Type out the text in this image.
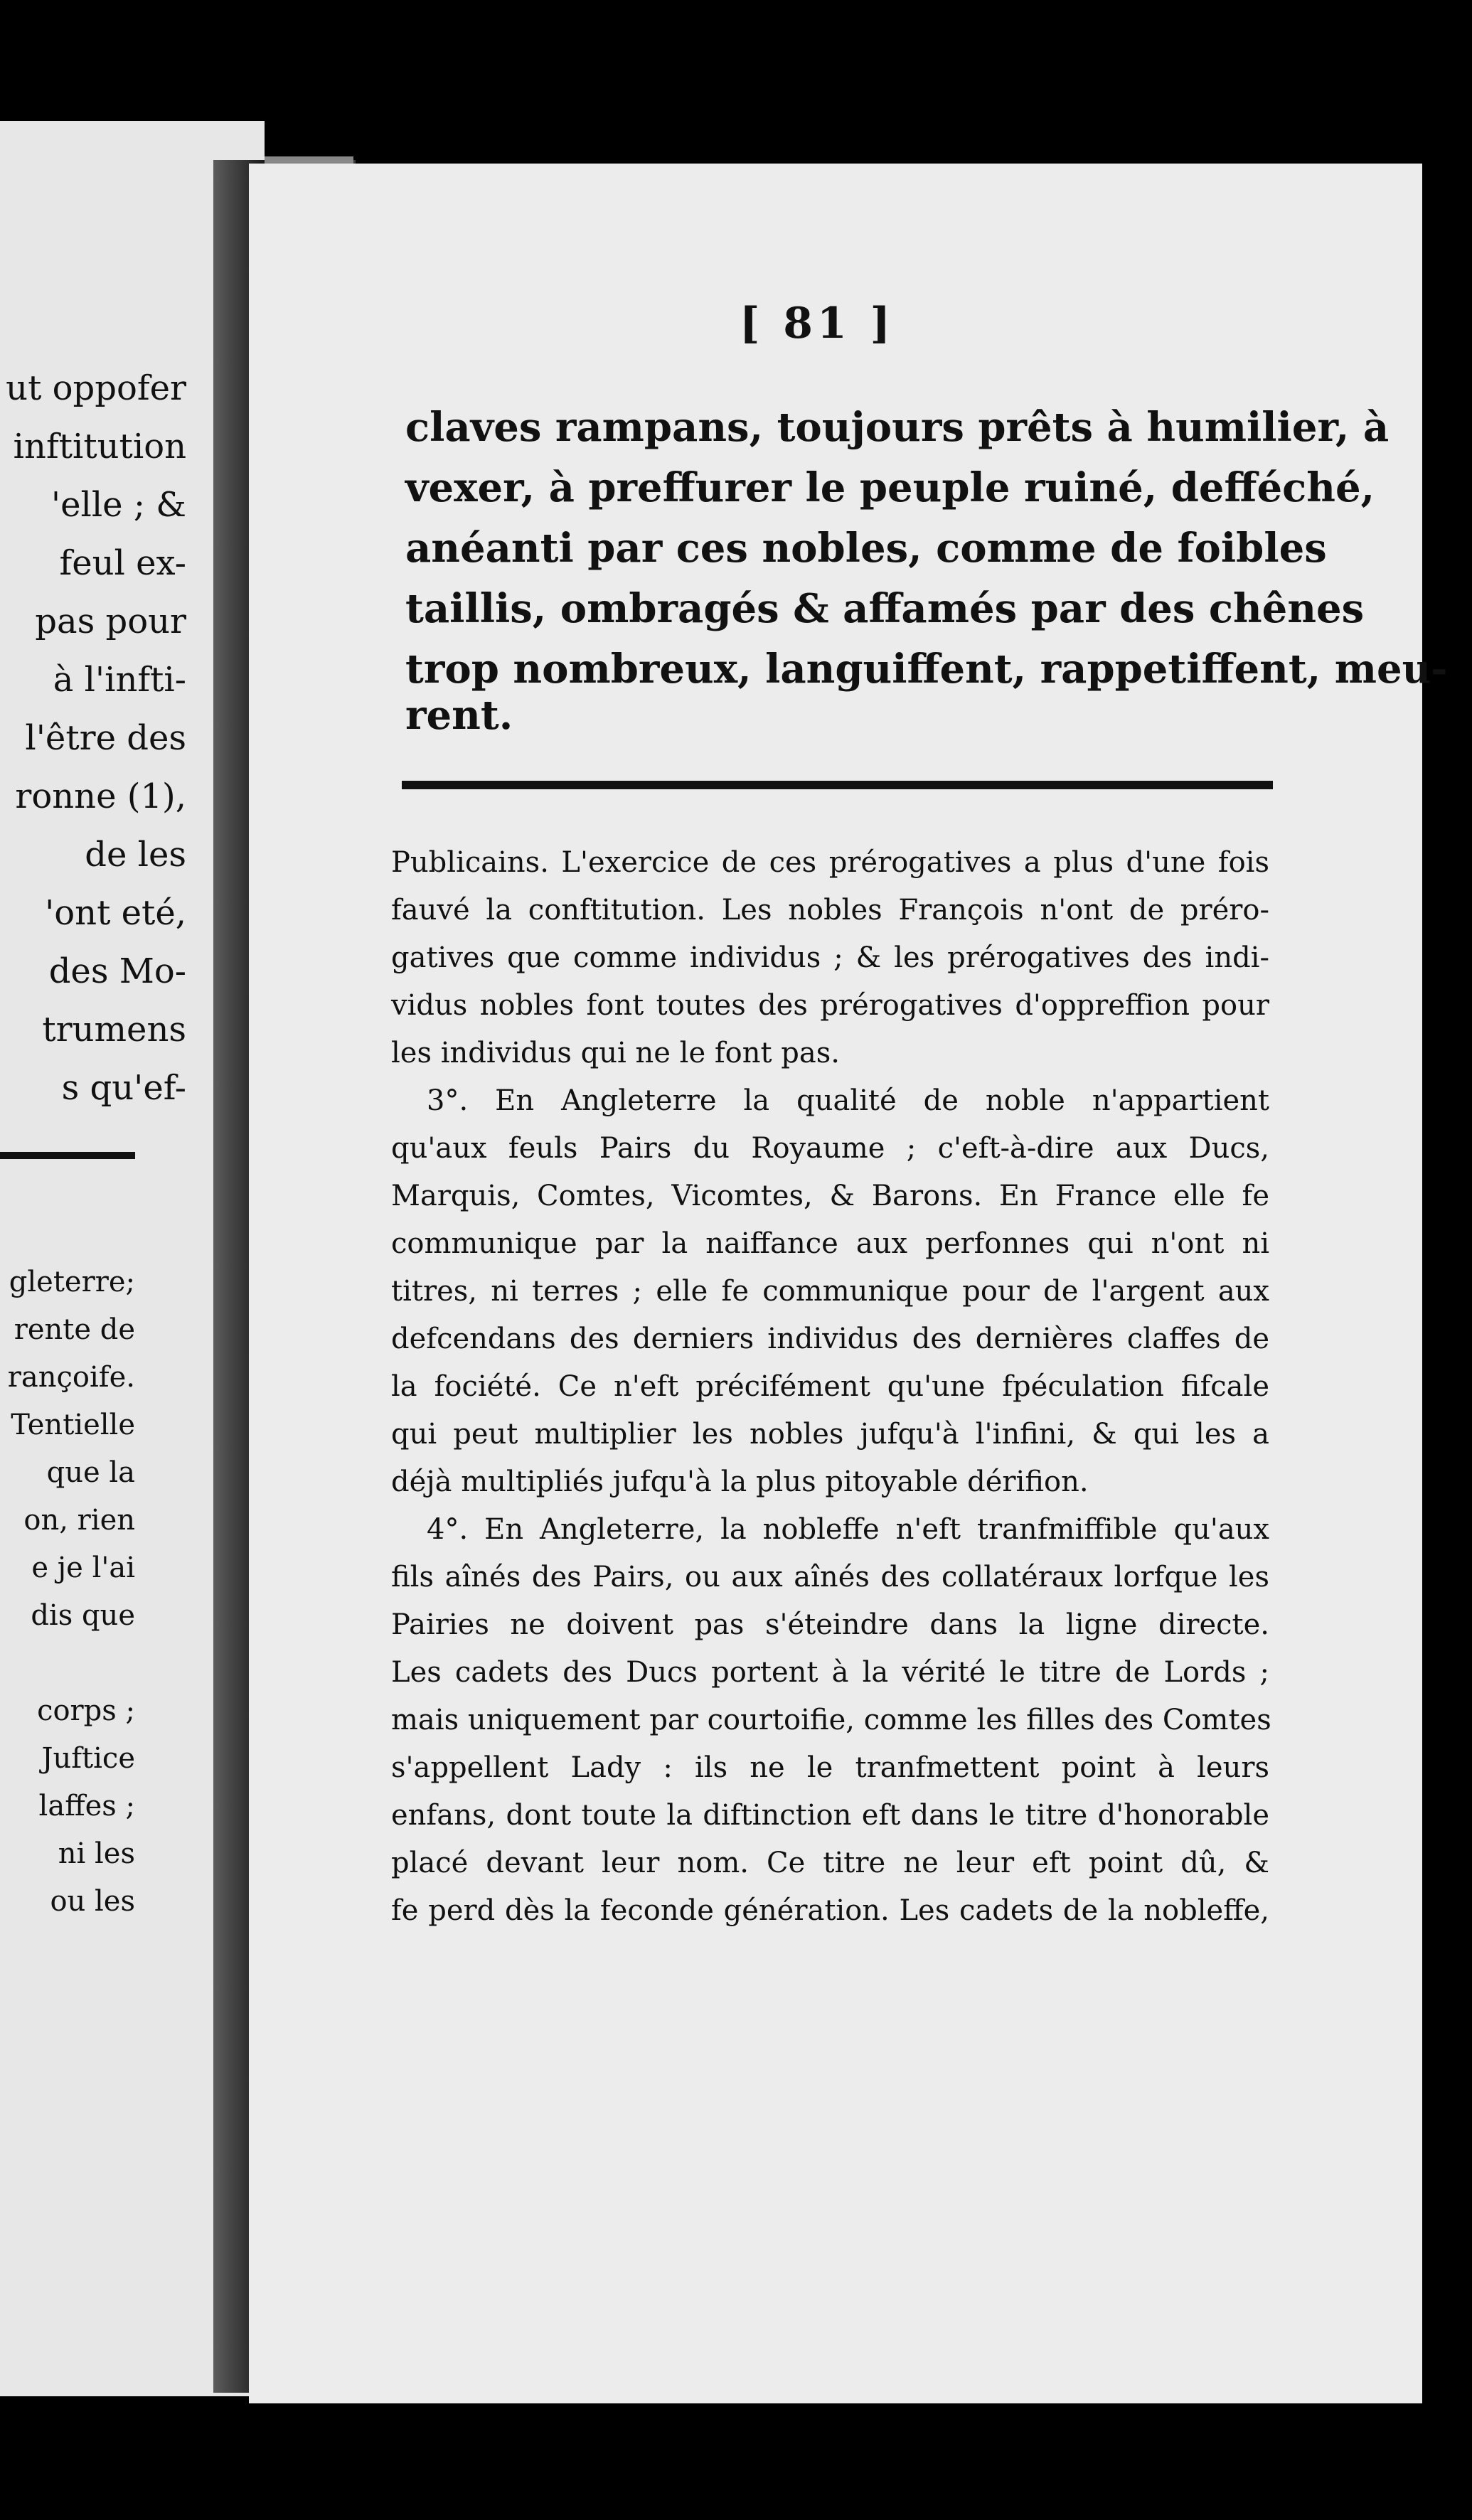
ut oppofer
inftitution
'elle ; &
feul ex-
pas pour
à l'infti-
l'être des
ronne (1),
de les
'ont eté,
des Mo-
trumens
s qu'ef-
gleterre;
rente de
rançoife.
Tentielle
que la
on, rien
e je l'ai
dis que
corps ;
Juftice
laffes ;
ni les
ou les
[ 81 ]
claves rampans, toujours prêts à humilier, à
vexer, à preffurer le peuple ruiné, defféché,
anéanti par ces nobles, comme de foibles
taillis, ombragés & affamés par des chênes
trop nombreux, languiffent, rappetiffent, meu-
rent.
Publicains. L'exercice de ces prérogatives a plus d'une fois
fauvé la conftitution. Les nobles François n'ont de préro-
gatives que comme individus ; & les prérogatives des indi-
vidus nobles font toutes des prérogatives d'oppreffion pour
les individus qui ne le font pas.
3°. En Angleterre la qualité de noble n'appartient
qu'aux feuls Pairs du Royaume ; c'eft-à-dire aux Ducs,
Marquis, Comtes, Vicomtes, & Barons. En France elle fe
communique par la naiffance aux perfonnes qui n'ont ni
titres, ni terres ; elle fe communique pour de l'argent aux
defcendans des derniers individus des dernières claffes de
la fociété. Ce n'eft précifément qu'une fpéculation fifcale
qui peut multiplier les nobles jufqu'à l'infini, & qui les a
déjà multipliés jufqu'à la plus pitoyable dérifion.
4°. En Angleterre, la nobleffe n'eft tranfmiffible qu'aux
fils aînés des Pairs, ou aux aînés des collatéraux lorfque les
Pairies ne doivent pas s'éteindre dans la ligne directe.
Les cadets des Ducs portent à la vérité le titre de Lords ;
mais uniquement par courtoifie, comme les filles des Comtes
s'appellent Lady : ils ne le tranfmettent point à leurs
enfans, dont toute la diftinction eft dans le titre d'honorable
placé devant leur nom. Ce titre ne leur eft point dû, &
fe perd dès la feconde génération. Les cadets de la nobleffe,
